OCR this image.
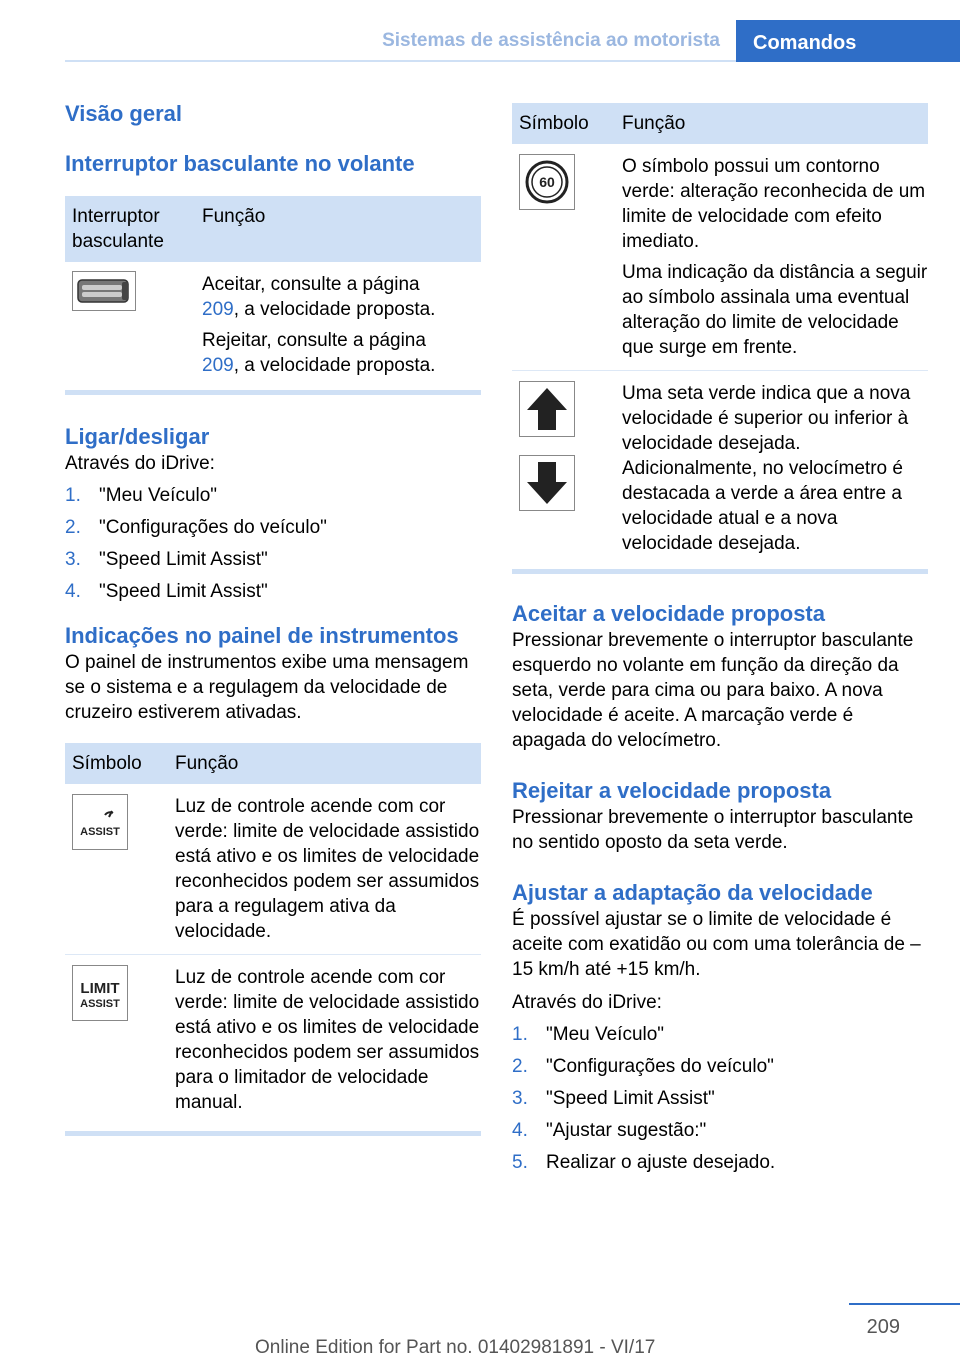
Sistemas de assistência ao motorista	Comandos
Visão geral
Interruptor basculante no volante
Interruptor basculante	Função

Aceitar, consulte a página
209, a velocidade proposta.

Rejeitar, consulte a página
209, a velocidade proposta.

Ligar/desligar

Através do iDrive:

1. "Meu Veículo"
2. "Configurações do veículo"
3. "Speed Limit Assist"
4. "Speed Limit Assist"
Indicações no painel de instrumentos

O painel de instrumentos exibe uma mensagem se o sistema e a regulagem da velocidade de cruzeiro estiverem ativadas.

Símbolo	Função

ASSIST	Luz de controle acende com cor verde: limite de velocidade assistido está ativo e os limites de velocidade reconhecidos podem ser assumidos para a regulagem ativa da velocidade.

LIMIT
ASSIST	Luz de controle acende com cor verde: limite de velocidade assistido está ativo e os limites de velocidade reconhecidos podem ser assumidos para o limitador de velocidade manual.

Símbolo	Função

60	O símbolo possui um contorno verde: alteração reconhecida de um limite de velocidade com efeito imediato.

Uma indicação da distância a seguir ao símbolo assinala uma eventual alteração do limite de velocidade que surge em frente.

Uma seta verde indica que a nova velocidade é superior ou inferior à velocidade desejada. Adicionalmente, no velocímetro é destacada a verde a área entre a velocidade atual e a nova velocidade desejada.

Aceitar a velocidade proposta

Pressionar brevemente o interruptor basculante esquerdo no volante em função da direção da seta, verde para cima ou para baixo. A nova velocidade é aceite. A marcação verde é apagada do velocímetro.

Rejeitar a velocidade proposta

Pressionar brevemente o interruptor basculante no sentido oposto da seta verde.

Ajustar a adaptação da velocidade

É possível ajustar se o limite de velocidade é aceite com exatidão ou com uma tolerância de –15 km/h até +15 km/h.

Através do iDrive:

1. "Meu Veículo"
2. "Configurações do veículo"
3. "Speed Limit Assist"
4. "Ajustar sugestão:"
5. Realizar o ajuste desejado.
209
Online Edition for Part no. 01402981891 - VI/17
